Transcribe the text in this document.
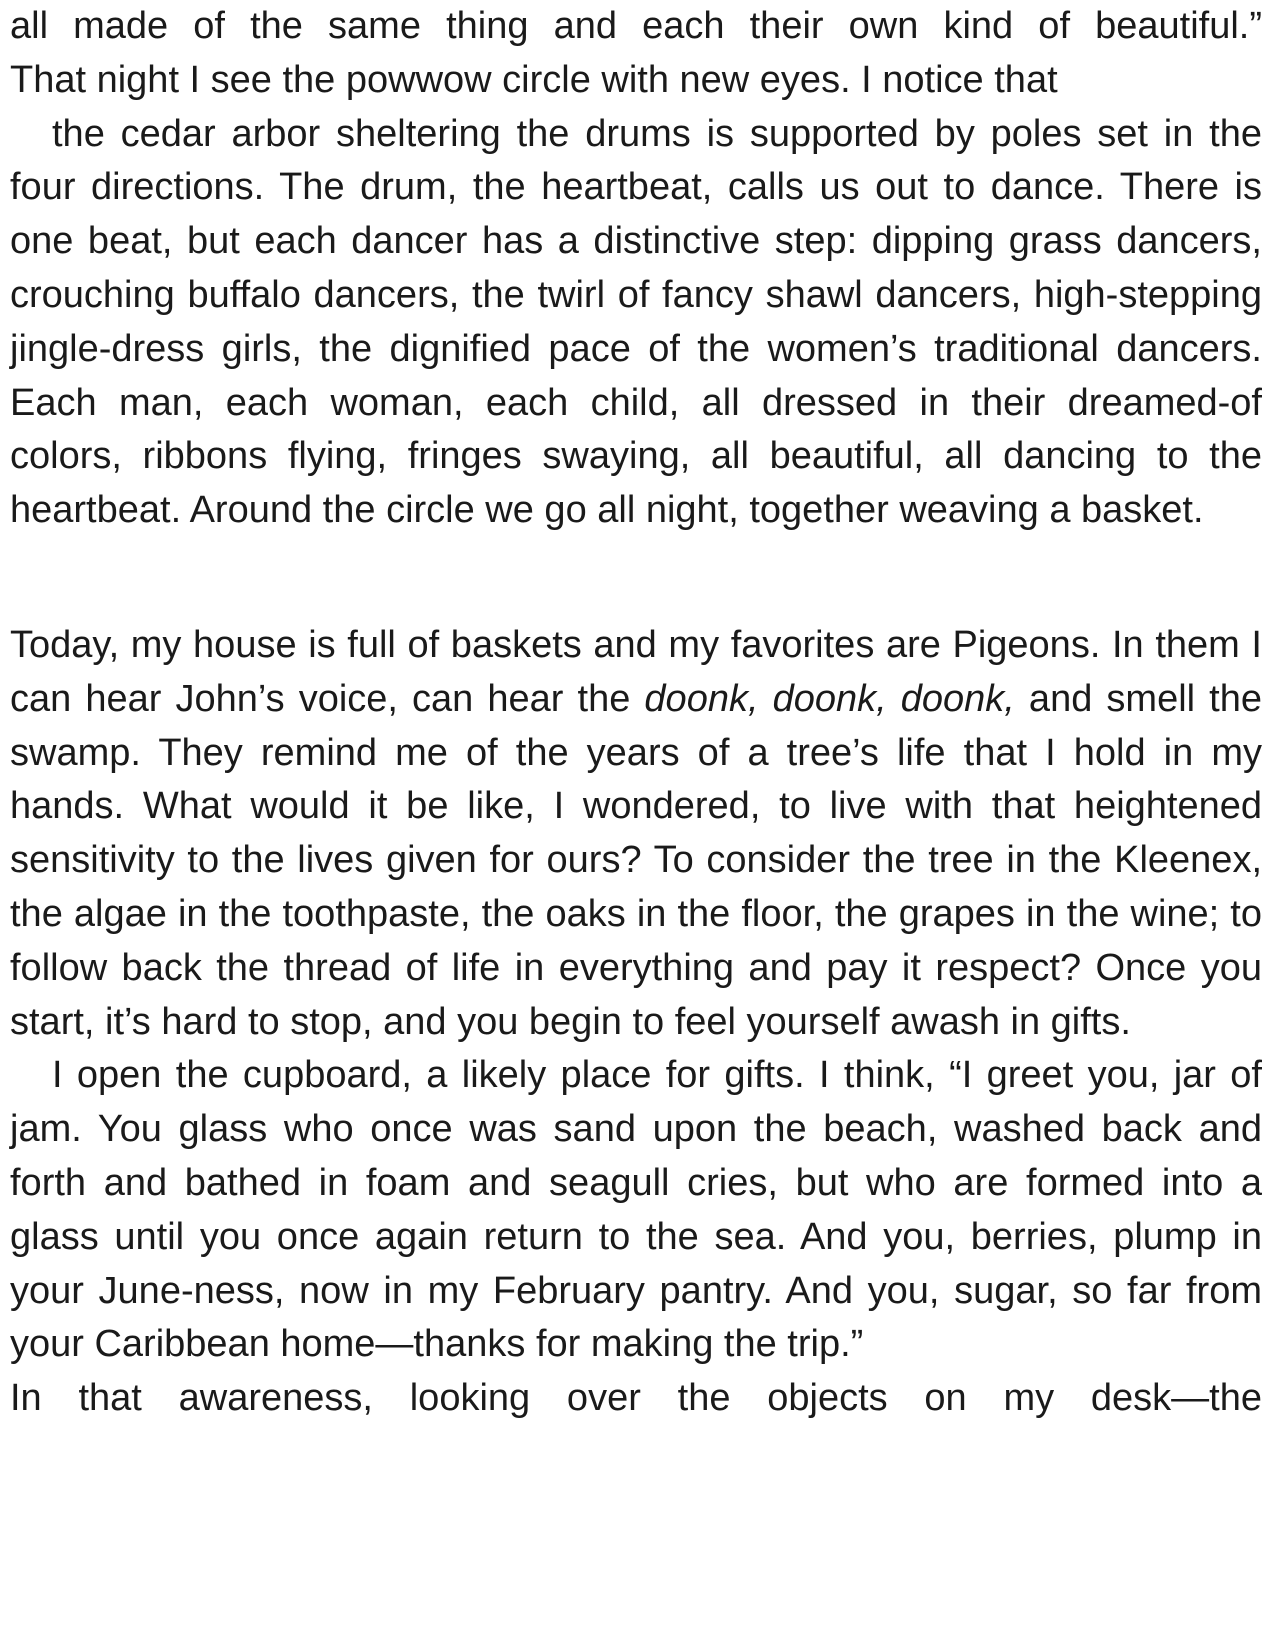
all made of the same thing and each their own kind of beautiful.”
That night I see the powwow circle with new eyes. I notice that

the cedar arbor sheltering the drums is supported by poles set in the four directions. The drum, the heartbeat, calls us out to dance. There is one beat, but each dancer has a distinctive step: dipping grass dancers, crouching buffalo dancers, the twirl of fancy shawl dancers, high-stepping jingle-dress girls, the dignified pace of the women’s traditional dancers. Each man, each woman, each child, all dressed in their dreamed-of colors, ribbons flying, fringes swaying, all beautiful, all dancing to the heartbeat. Around the circle we go all night, together weaving a basket.

Today, my house is full of baskets and my favorites are Pigeons. In them I can hear John’s voice, can hear the doonk, doonk, doonk, and smell the swamp. They remind me of the years of a tree’s life that I hold in my hands. What would it be like, I wondered, to live with that heightened sensitivity to the lives given for ours? To consider the tree in the Kleenex, the algae in the toothpaste, the oaks in the floor, the grapes in the wine; to follow back the thread of life in everything and pay it respect? Once you start, it’s hard to stop, and you begin to feel yourself awash in gifts.

I open the cupboard, a likely place for gifts. I think, “I greet you, jar of jam. You glass who once was sand upon the beach, washed back and forth and bathed in foam and seagull cries, but who are formed into a glass until you once again return to the sea. And you, berries, plump in your June-ness, now in my February pantry. And you, sugar, so far from your Caribbean home—thanks for making the trip.”

In that awareness, looking over the objects on my desk—the
